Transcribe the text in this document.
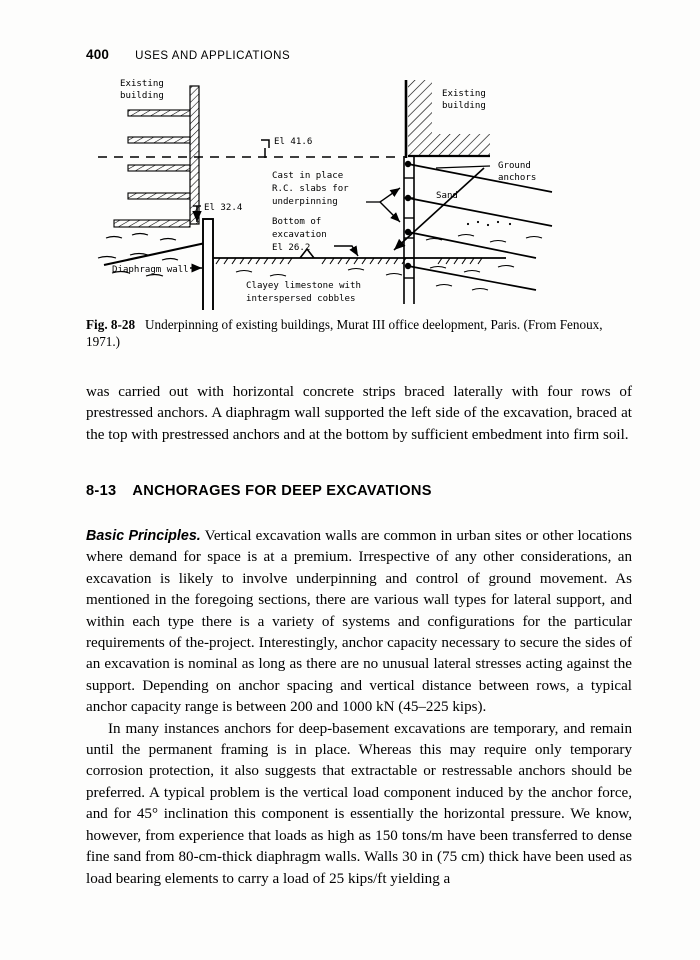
400 USES AND APPLICATIONS
El 41.6
Existing
building
Ground
anchors
Sand
Existing
building
El 32.4
Cast in place
R.C. slabs for
underpinning
Bottom of
excavation
El 26.2
Diaphragm wall
Clayey limestone with
interspersed cobbles
Fig. 8-28 Underpinning of existing buildings, Murat III office deelopment, Paris. (From Fenoux, 1971.)

was carried out with horizontal concrete strips braced laterally with four rows of prestressed anchors. A diaphragm wall supported the left side of the excavation, braced at the top with prestressed anchors and at the bottom by sufficient embedment into firm soil.

8-13 ANCHORAGES FOR DEEP EXCAVATIONS

Basic Principles. Vertical excavation walls are common in urban sites or other locations where demand for space is at a premium. Irrespective of any other considerations, an excavation is likely to involve underpinning and control of ground movement. As mentioned in the foregoing sections, there are various wall types for lateral support, and within each type there is a variety of systems and configurations for the particular requirements of the-project. Interestingly, anchor capacity necessary to secure the sides of an excavation is nominal as long as there are no unusual lateral stresses acting against the support. Depending on anchor spacing and vertical distance between rows, a typical anchor capacity range is between 200 and 1000 kN (45–225 kips).

In many instances anchors for deep-basement excavations are temporary, and remain until the permanent framing is in place. Whereas this may require only temporary corrosion protection, it also suggests that extractable or restressable anchors should be preferred. A typical problem is the vertical load component induced by the anchor force, and for 45° inclination this component is essentially the horizontal pressure. We know, however, from experience that loads as high as 150 tons/m have been transferred to dense fine sand from 80-cm-thick diaphragm walls. Walls 30 in (75 cm) thick have been used as load bearing elements to carry a load of 25 kips/ft yielding a
